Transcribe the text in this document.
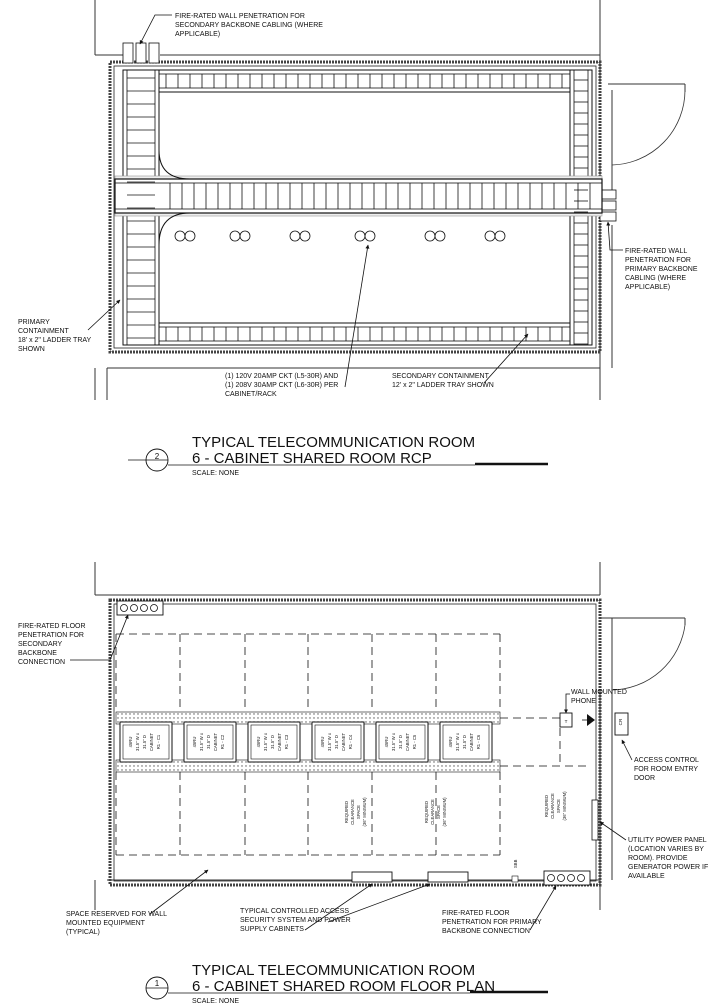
FIRE-RATED WALL PENETRATION FOR SECONDARY BACKBONE CABLING (WHERE APPLICABLE)
FIRE-RATED WALL PENETRATION FOR PRIMARY BACKBONE CABLING (WHERE APPLICABLE)
PRIMARY CONTAINMENT 18' x 2" LADDER TRAY SHOWN
(1) 120V 20AMP CKT (L5-30R) AND (1) 208V 30AMP CKT (L6-30R) PER CABINET/RACK
SECONDARY CONTAINMENT 12' x 2" LADDER TRAY SHOWN
2
TYPICAL TELECOMMUNICATION ROOM
6 - CABINET SHARED ROOM RCP
SCALE: NONE
45RU 31.5" W x 31.5" D CABINET R1 - C1	45RU 31.5" W x 31.5" D CABINET R1 - C2	45RU 31.5" W x 31.5" D CABINET R1 - C3	45RU 31.5" W x 31.5" D CABINET R1 - C4	45RU 31.5" W x 31.5" D CABINET R1 - C5	45RU 31.5" W x 31.5" D CABINET R1 - C6
SBB
T	CR
REQUIRED CLEARANCE SPACE (36" MINIMUM)	REQUIRED CLEARANCE SPACE (36" MINIMUM)	REQUIRED CLEARANCE SPACE (36" MINIMUM)
FIRE-RATED FLOOR PENETRATION FOR SECONDARY BACKBONE CONNECTION
WALL MOUNTED PHONE
ACCESS CONTROL FOR ROOM ENTRY DOOR
UTILITY POWER PANEL (LOCATION VARIES BY ROOM). PROVIDE GENERATOR POWER IF AVAILABLE
SPACE RESERVED FOR WALL MOUNTED EQUIPMENT (TYPICAL)
TYPICAL CONTROLLED ACCESS SECURITY SYSTEM AND POWER SUPPLY CABINETS
FIRE-RATED FLOOR PENETRATION FOR PRIMARY BACKBONE CONNECTION
1
TYPICAL TELECOMMUNICATION ROOM
6 - CABINET SHARED ROOM FLOOR PLAN
SCALE: NONE
